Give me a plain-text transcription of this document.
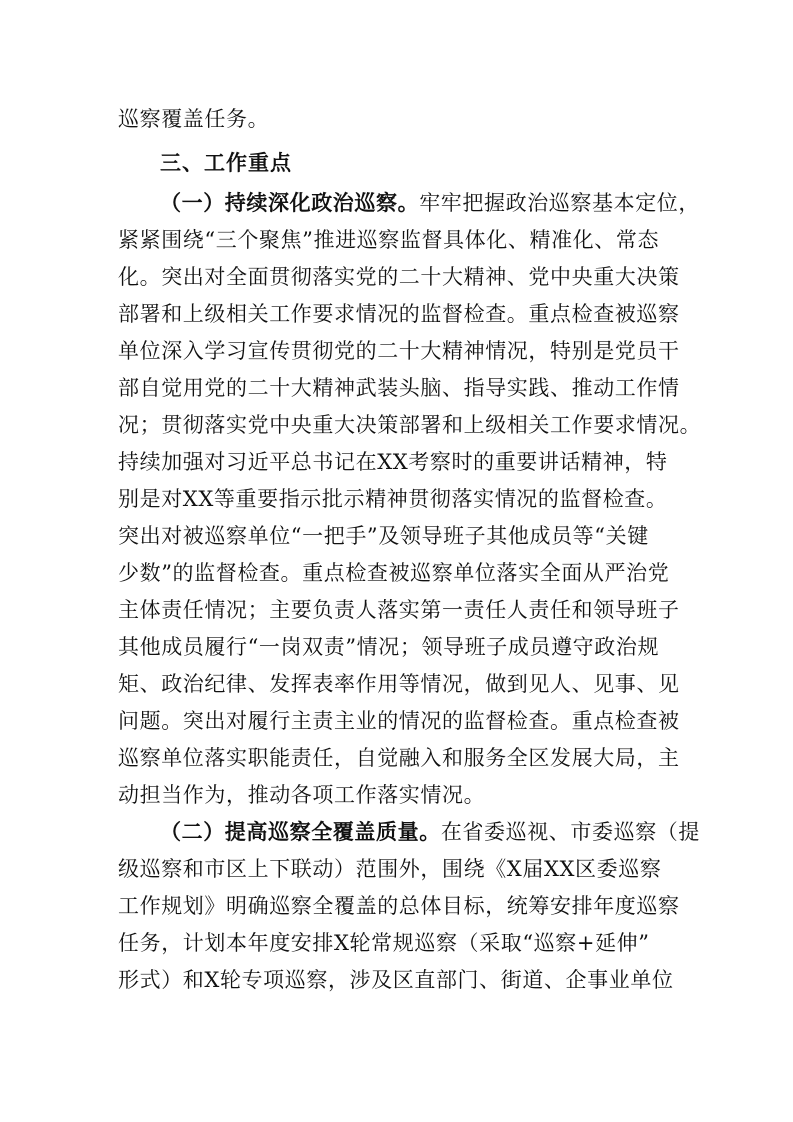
巡察覆盖任务。
三、工作重点
（一）持续深化政治巡察。牢牢把握政治巡察基本定位，
紧紧围绕“三个聚焦”推进巡察监督具体化、精准化、常态
化。突出对全面贯彻落实党的二十大精神、党中央重大决策
部署和上级相关工作要求情况的监督检查。重点检查被巡察
单位深入学习宣传贯彻党的二十大精神情况，特别是党员干
部自觉用党的二十大精神武装头脑、指导实践、推动工作情
况；贯彻落实党中央重大决策部署和上级相关工作要求情况。
持续加强对习近平总书记在XX考察时的重要讲话精神，特
别是对XX等重要指示批示精神贯彻落实情况的监督检查。
突出对被巡察单位“一把手”及领导班子其他成员等“关键
少数”的监督检查。重点检查被巡察单位落实全面从严治党
主体责任情况；主要负责人落实第一责任人责任和领导班子
其他成员履行“一岗双责”情况；领导班子成员遵守政治规
矩、政治纪律、发挥表率作用等情况，做到见人、见事、见
问题。突出对履行主责主业的情况的监督检查。重点检查被
巡察单位落实职能责任，自觉融入和服务全区发展大局，主
动担当作为，推动各项工作落实情况。
（二）提高巡察全覆盖质量。在省委巡视、市委巡察（提
级巡察和市区上下联动）范围外，围绕《X届XX区委巡察
工作规划》明确巡察全覆盖的总体目标，统筹安排年度巡察
任务，计划本年度安排X轮常规巡察（采取“巡察+延伸”
形式）和X轮专项巡察，涉及区直部门、街道、企事业单位
